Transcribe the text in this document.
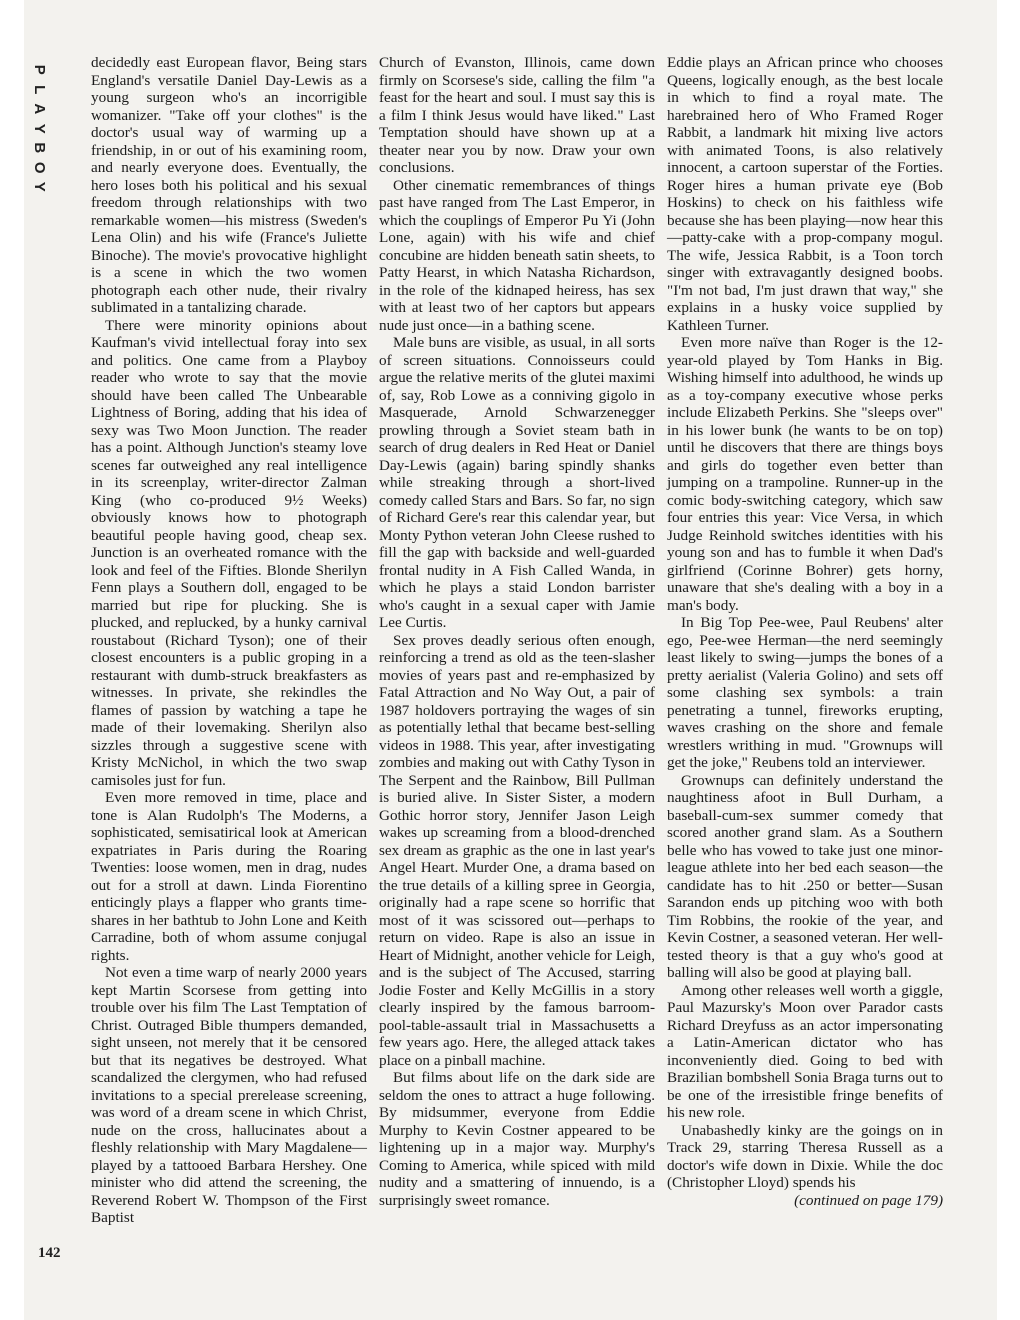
P
L
A
Y
B
O
Y
142

decidedly east European flavor, Being stars England's versatile Daniel Day-Lewis as a young surgeon who's an incorrigible womanizer. "Take off your clothes" is the doctor's usual way of warming up a friendship, in or out of his examining room, and nearly everyone does. Eventually, the hero loses both his political and his sexual freedom through relationships with two remarkable women—his mistress (Sweden's Lena Olin) and his wife (France's Juliette Binoche). The movie's provocative highlight is a scene in which the two women photograph each other nude, their rivalry sublimated in a tantalizing charade.

There were minority opinions about Kaufman's vivid intellectual foray into sex and politics. One came from a Playboy reader who wrote to say that the movie should have been called The Unbearable Lightness of Boring, adding that his idea of sexy was Two Moon Junction. The reader has a point. Although Junction's steamy love scenes far outweighed any real intelligence in its screenplay, writer-director Zalman King (who co-produced 9½ Weeks) obviously knows how to photograph beautiful people having good, cheap sex. Junction is an overheated romance with the look and feel of the Fifties. Blonde Sherilyn Fenn plays a Southern doll, engaged to be married but ripe for plucking. She is plucked, and replucked, by a hunky carnival roustabout (Richard Tyson); one of their closest encounters is a public groping in a restaurant with dumb-struck breakfasters as witnesses. In private, she rekindles the flames of passion by watching a tape he made of their lovemaking. Sherilyn also sizzles through a suggestive scene with Kristy McNichol, in which the two swap camisoles just for fun.

Even more removed in time, place and tone is Alan Rudolph's The Moderns, a sophisticated, semisatirical look at American expatriates in Paris during the Roaring Twenties: loose women, men in drag, nudes out for a stroll at dawn. Linda Fiorentino enticingly plays a flapper who grants time-shares in her bathtub to John Lone and Keith Carradine, both of whom assume conjugal rights.

Not even a time warp of nearly 2000 years kept Martin Scorsese from getting into trouble over his film The Last Temptation of Christ. Outraged Bible thumpers demanded, sight unseen, not merely that it be censored but that its negatives be destroyed. What scandalized the clergymen, who had refused invitations to a special prerelease screening, was word of a dream scene in which Christ, nude on the cross, hallucinates about a fleshly relationship with Mary Magdalene—played by a tattooed Barbara Hershey. One minister who did attend the screening, the Reverend Robert W. Thompson of the First Baptist

Church of Evanston, Illinois, came down firmly on Scorsese's side, calling the film "a feast for the heart and soul. I must say this is a film I think Jesus would have liked." Last Temptation should have shown up at a theater near you by now. Draw your own conclusions.

Other cinematic remembrances of things past have ranged from The Last Emperor, in which the couplings of Emperor Pu Yi (John Lone, again) with his wife and chief concubine are hidden beneath satin sheets, to Patty Hearst, in which Natasha Richardson, in the role of the kidnaped heiress, has sex with at least two of her captors but appears nude just once—in a bathing scene.

Male buns are visible, as usual, in all sorts of screen situations. Connoisseurs could argue the relative merits of the glutei maximi of, say, Rob Lowe as a conniving gigolo in Masquerade, Arnold Schwarzenegger prowling through a Soviet steam bath in search of drug dealers in Red Heat or Daniel Day-Lewis (again) baring spindly shanks while streaking through a short-lived comedy called Stars and Bars. So far, no sign of Richard Gere's rear this calendar year, but Monty Python veteran John Cleese rushed to fill the gap with backside and well-guarded frontal nudity in A Fish Called Wanda, in which he plays a staid London barrister who's caught in a sexual caper with Jamie Lee Curtis.

Sex proves deadly serious often enough, reinforcing a trend as old as the teen-slasher movies of years past and re-emphasized by Fatal Attraction and No Way Out, a pair of 1987 holdovers portraying the wages of sin as potentially lethal that became best-selling videos in 1988. This year, after investigating zombies and making out with Cathy Tyson in The Serpent and the Rainbow, Bill Pullman is buried alive. In Sister Sister, a modern Gothic horror story, Jennifer Jason Leigh wakes up screaming from a blood-drenched sex dream as graphic as the one in last year's Angel Heart. Murder One, a drama based on the true details of a killing spree in Georgia, originally had a rape scene so horrific that most of it was scissored out—perhaps to return on video. Rape is also an issue in Heart of Midnight, another vehicle for Leigh, and is the subject of The Accused, starring Jodie Foster and Kelly McGillis in a story clearly inspired by the famous barroom-pool-table-assault trial in Massachusetts a few years ago. Here, the alleged attack takes place on a pinball machine.

But films about life on the dark side are seldom the ones to attract a huge following. By midsummer, everyone from Eddie Murphy to Kevin Costner appeared to be lightening up in a major way. Murphy's Coming to America, while spiced with mild nudity and a smattering of innuendo, is a surprisingly sweet romance.

Eddie plays an African prince who chooses Queens, logically enough, as the best locale in which to find a royal mate. The harebrained hero of Who Framed Roger Rabbit, a landmark hit mixing live actors with animated Toons, is also relatively innocent, a cartoon superstar of the Forties. Roger hires a human private eye (Bob Hoskins) to check on his faithless wife because she has been playing—now hear this—patty-cake with a prop-company mogul. The wife, Jessica Rabbit, is a Toon torch singer with extravagantly designed boobs. "I'm not bad, I'm just drawn that way," she explains in a husky voice supplied by Kathleen Turner.

Even more naïve than Roger is the 12-year-old played by Tom Hanks in Big. Wishing himself into adulthood, he winds up as a toy-company executive whose perks include Elizabeth Perkins. She "sleeps over" in his lower bunk (he wants to be on top) until he discovers that there are things boys and girls do together even better than jumping on a trampoline. Runner-up in the comic body-switching category, which saw four entries this year: Vice Versa, in which Judge Reinhold switches identities with his young son and has to fumble it when Dad's girlfriend (Corinne Bohrer) gets horny, unaware that she's dealing with a boy in a man's body.

In Big Top Pee-wee, Paul Reubens' alter ego, Pee-wee Herman—the nerd seemingly least likely to swing—jumps the bones of a pretty aerialist (Valeria Golino) and sets off some clashing sex symbols: a train penetrating a tunnel, fireworks erupting, waves crashing on the shore and female wrestlers writhing in mud. "Grownups will get the joke," Reubens told an interviewer.

Grownups can definitely understand the naughtiness afoot in Bull Durham, a baseball-cum-sex summer comedy that scored another grand slam. As a Southern belle who has vowed to take just one minor-league athlete into her bed each season—the candidate has to hit .250 or better—Susan Sarandon ends up pitching woo with both Tim Robbins, the rookie of the year, and Kevin Costner, a seasoned veteran. Her well-tested theory is that a guy who's good at balling will also be good at playing ball.

Among other releases well worth a giggle, Paul Mazursky's Moon over Parador casts Richard Dreyfuss as an actor impersonating a Latin-American dictator who has inconveniently died. Going to bed with Brazilian bombshell Sonia Braga turns out to be one of the irresistible fringe benefits of his new role.

Unabashedly kinky are the goings on in Track 29, starring Theresa Russell as a doctor's wife down in Dixie. While the doc (Christopher Lloyd) spends his

(continued on page 179)
